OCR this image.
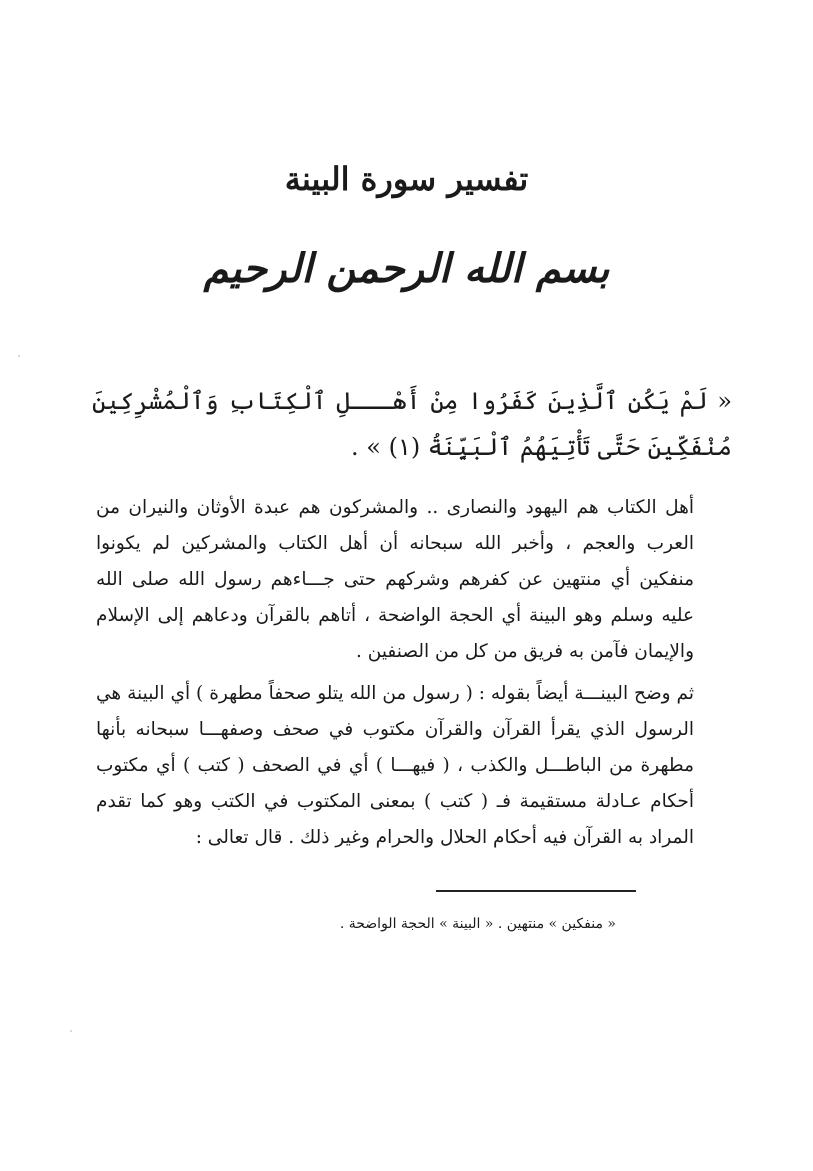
تفسير سورة البينة
بسم الله الرحمن الرحيم
« لَمْ يَكُنِ ٱلَّذِينَ كَفَرُوا مِنْ أَهْـــلِ ٱلْكِتَابِ وَٱلْمُشْرِكِينَ مُنْفَكِّينَ حَتَّى تَأْتِيَهُمُ ٱلْبَيِّنَةُ (١) » .
أهل الكتاب هم اليهود والنصارى .. والمشركون هم عبدة الأوثان والنيران من العرب والعجم ، وأخبر الله سبحانه أن أهل الكتاب والمشركين لم يكونوا منفكين أي منتهين عن كفرهم وشركهم حتى جـــاءهم رسول الله صلى الله عليه وسلم وهو البينة أي الحجة الواضحة ، أتاهم بالقرآن ودعاهم إلى الإسلام والإيمان فآمن به فريق من كل من الصنفين .
ثم وضح البينـــة أيضاً بقوله : ( رسول من الله يتلو صحفاً مطهرة ) أي البينة هي الرسول الذي يقرأ القرآن والقرآن مكتوب في صحف وصفهـــا سبحانه بأنها مطهرة من الباطـــل والكذب ، ( فيهـــا ) أي في الصحف ( كتب ) أي مكتوب أحكام عـادلة مستقيمة فـ ( كتب ) بمعنى المكتوب في الكتب وهو كما تقدم المراد به القرآن فيه أحكام الحلال والحرام وغير ذلك . قال تعالى :
« منفكين » منتهين . « البينة » الحجة الواضحة .
